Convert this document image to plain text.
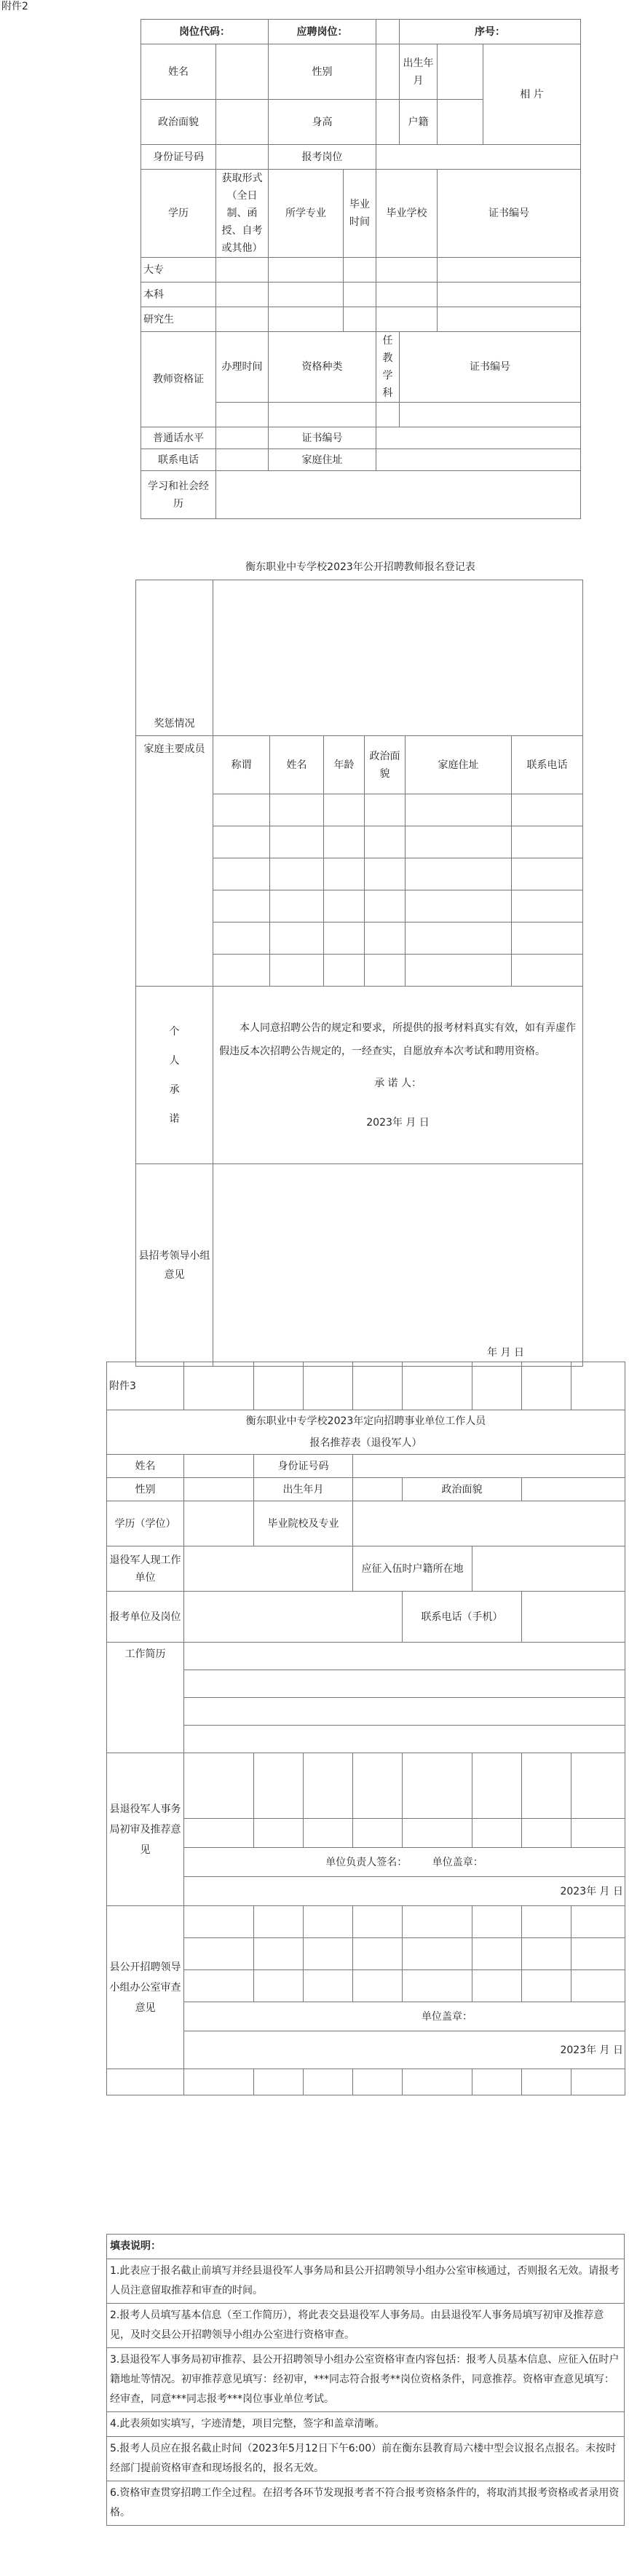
附件2
岗位代码：		应聘岗位：			序号：		
姓名		性别			出生年月		相 片
政治面貌		身高			户籍		
身份证号码		报考岗位					
学历	获取形式（全日制、函授、自考或其他）	所学专业	毕业时间	毕业学校		证书编号	
大专							
本科							
研究生							
教师资格证	办理时间	资格种类		任教学科	证书编号		

普通话水平		证书编号					
联系电话		家庭住址					
学习和社会经历							
衡东职业中专学校2023年公开招聘教师报名登记表
奖惩情况						
家庭主要成员	称谓	姓名	年龄	政治面貌	家庭住址	联系电话

个人承诺	本人同意招聘公告的规定和要求，所提供的报考材料真实有效，如有弄虚作假违反本次招聘公告规定的，一经查实，自愿放弃本次考试和聘用资格。
承 诺 人：
2023年 月 日					

县招考领导小组意见	年 月 日					
附件3								

衡东职业中专学校2023年定向招聘事业单位工作人员
报名推荐表（退役军人）								

姓名		身份证号码						
性别		出生年月			政治面貌			
学历（学位）		毕业院校及专业						
退役军人现工作单位				应征入伍时户籍所在地				
报考单位及岗位					联系电话（手机）			
工作简历								

县退役军人事务局初审及推荐意见								

	单位负责人签名： 单位盖章：							
	2023年 月 日							
县公开招聘领导小组办公室审查意见								

	单位盖章：							
	2023年 月 日							

填表说明：
1.此表应于报名截止前填写并经县退役军人事务局和县公开招聘领导小组办公室审核通过，否则报名无效。请报考人员注意留取推荐和审查的时间。
2.报考人员填写基本信息（至工作简历），将此表交县退役军人事务局。由县退役军人事务局填写初审及推荐意见，及时交县公开招聘领导小组办公室进行资格审查。
3.县退役军人事务局初审推荐、县公开招聘领导小组办公室资格审查内容包括：报考人员基本信息、应征入伍时户籍地址等情况。初审推荐意见填写：经初审，***同志符合报考**岗位资格条件，同意推荐。资格审查意见填写：经审查，同意***同志报考***岗位事业单位考试。
4.此表须如实填写，字迹清楚，项目完整，签字和盖章清晰。
5.报考人员应在报名截止时间（2023年5月12日下午6:00）前在衡东县教育局六楼中型会议报名点报名。未按时经部门提前资格审查和现场报名的，报名无效。
6.资格审查贯穿招聘工作全过程。在招考各环节发现报考者不符合报考资格条件的，将取消其报考资格或者录用资格。
